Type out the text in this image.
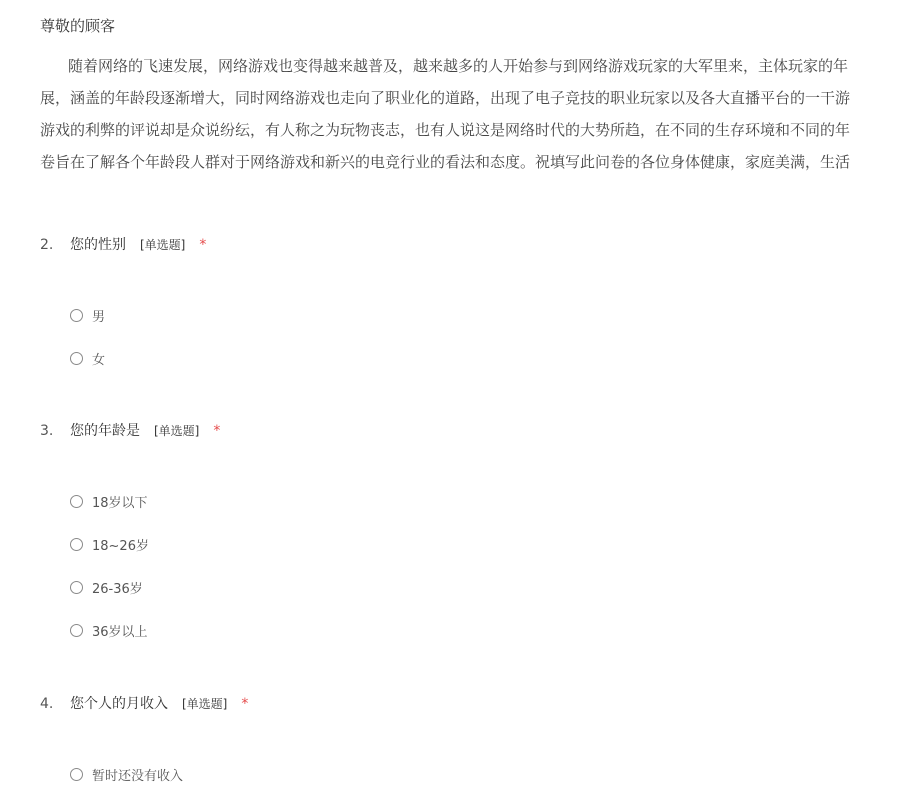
尊敬的顾客
随着网络的飞速发展，网络游戏也变得越来越普及，越来越多的人开始参与到网络游戏玩家的大军里来，主体玩家的年
展，涵盖的年龄段逐渐增大，同时网络游戏也走向了职业化的道路，出现了电子竞技的职业玩家以及各大直播平台的一干游
游戏的利弊的评说却是众说纷纭，有人称之为玩物丧志，也有人说这是网络时代的大势所趋，在不同的生存环境和不同的年
卷旨在了解各个年龄段人群对于网络游戏和新兴的电竞行业的看法和态度。祝填写此问卷的各位身体健康，家庭美满，生活
2. 您的性别 [单选题] *
男
女
3. 您的年龄是 [单选题] *
18岁以下
18~26岁
26-36岁
36岁以上
4. 您个人的月收入 [单选题] *
暂时还没有收入
